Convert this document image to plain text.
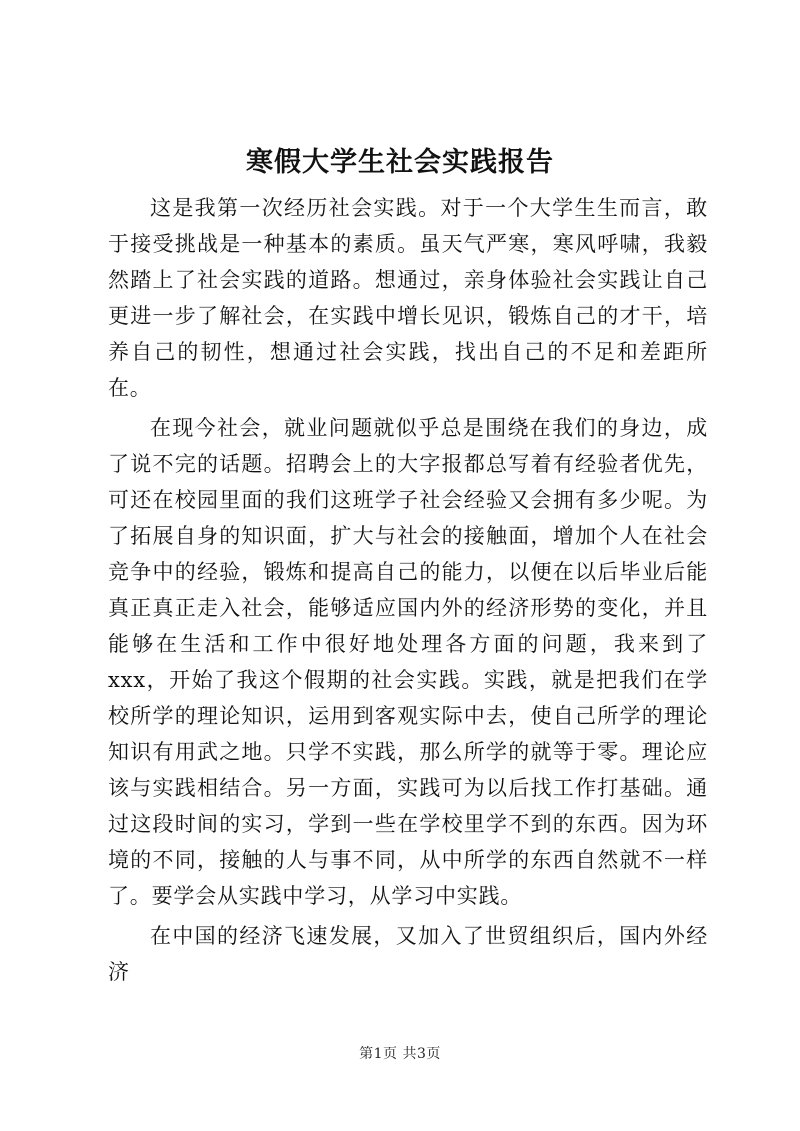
寒假大学生社会实践报告

这是我第一次经历社会实践。对于一个大学生生而言，敢于接受挑战是一种基本的素质。虽天气严寒，寒风呼啸，我毅然踏上了社会实践的道路。想通过，亲身体验社会实践让自己更进一步了解社会，在实践中增长见识，锻炼自己的才干，培养自己的韧性，想通过社会实践，找出自己的不足和差距所在。

在现今社会，就业问题就似乎总是围绕在我们的身边，成了说不完的话题。招聘会上的大字报都总写着有经验者优先，可还在校园里面的我们这班学子社会经验又会拥有多少呢。为了拓展自身的知识面，扩大与社会的接触面，增加个人在社会竞争中的经验，锻炼和提高自己的能力，以便在以后毕业后能真正真正走入社会，能够适应国内外的经济形势的变化，并且能够在生活和工作中很好地处理各方面的问题，我来到了xxx，开始了我这个假期的社会实践。实践，就是把我们在学校所学的理论知识，运用到客观实际中去，使自己所学的理论知识有用武之地。只学不实践，那么所学的就等于零。理论应该与实践相结合。另一方面，实践可为以后找工作打基础。通过这段时间的实习，学到一些在学校里学不到的东西。因为环境的不同，接触的人与事不同，从中所学的东西自然就不一样了。要学会从实践中学习，从学习中实践。

在中国的经济飞速发展，又加入了世贸组织后，国内外经济

第1页 共3页
